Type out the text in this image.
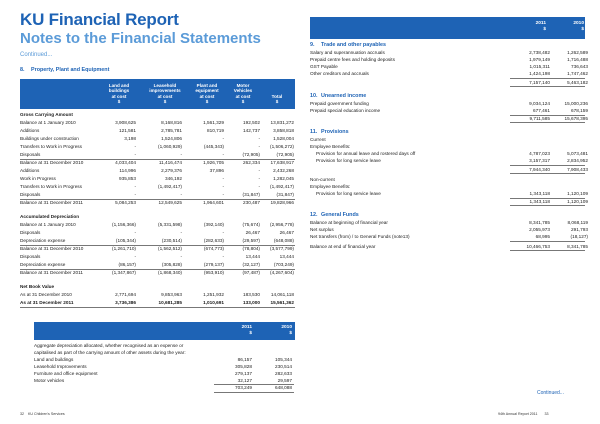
KU Financial Report
Notes to the Financial Statements
Continued...
8. Property, Plant and Equipment
Land and
buildings
at cost
$
Leasehold
improvements
at cost
$
Plant and
equipment
at cost
$
Motor
Vehicles
at cost
$
Total
$
Gross Carrying Amount
Balance at 1 January 2010	3,908,625	8,168,816	1,561,329	192,502	13,831,272
Additions	121,581	2,785,781	810,719	142,737	3,858,818
Buildings under construction	3,198	1,524,806	-	-	1,528,004
Transfers to Work in Progress	-	(1,060,929)	(445,343)	-	(1,506,272)
Disposals	-	-	-	(72,905)	(72,905)
Balance at 31 December 2010	4,033,404	11,416,474	1,926,705	262,334	17,638,917
Additions	114,996	2,279,376	37,896	-	2,432,268
Work in Progress	935,853	346,192	-	-	1,282,045
Transfers to Work in Progress	-	(1,492,417)	-	-	(1,492,417)
Disposals	-	-	-	(31,847)	(31,847)
Balance at 31 December 2011	5,084,253	12,549,625	1,964,601	230,487	19,828,966
Accumulated Depreciation
Balance at 1 January 2010	(1,156,366)	(5,331,598)	(392,140)	(75,674)	(2,956,778)
Disposals	-	-	-	26,467	26,467
Depreciation expense	(105,344)	(230,514)	(282,633)	(29,597)	(648,088)
Balance at 31 December 2010	(1,261,710)	(1,562,512)	(674,773)	(78,804)	(3,577,799)
Disposals	-	-	-	13,444	13,444
Depreciation expense	(86,157)	(305,828)	(279,137)	(32,127)	(703,249)
Balance at 31 December 2011	(1,347,867)	(1,868,340)	(953,910)	(97,487)	(4,267,604)
Net Book Value
As at 31 December 2010	2,771,694	9,853,963	1,251,932	183,530	14,061,118
As at 31 December 2011	3,736,386	10,681,285	1,010,691	133,000	15,561,362
2011
$
2010
$
Aggregate depreciation allocated, whether recognised as an expense or
capitalised as part of the carrying amount of other assets during the year:
Land and buildings	86,157	105,344
Leasehold Improvements	305,828	230,514
Furniture and office equipment	279,137	282,633
Motor vehicles	32,127	29,597
703,249	648,088
32 KU Children's Services
2011
$
2010
$
9. Trade and other payables
Salary and superannuation accruals	2,738,482	1,262,589
Prepaid centre fees and holding deposits	1,979,149	1,716,488
GST Payable	1,015,311	736,643
Other creditors and accruals	1,424,198	1,747,462
7,157,140	5,463,182
10. Unearned income
Prepaid government funding	9,034,124	15,000,236
Prepaid special education income	677,461	678,159
9,711,585	15,678,395
11. Provisions
Current
Employee Benefits:
Provision for annual leave and rostered days off	4,787,023	5,073,481
Provision for long service leave	3,157,317	2,834,952
7,944,340	7,908,433
Non-current
Employee Benefits:
Provision for long service leave	1,343,118	1,120,109
1,343,118	1,120,109
12. General Funds
Balance at beginning of financial year	8,341,785	8,068,119
Net surplus	2,055,973	291,793
Net transfers (from) / to General Funds (note13)	68,995	(18,127)
Balance at end of financial year	10,466,753	8,341,785
Continued...
94th Annual Report 2011 33
